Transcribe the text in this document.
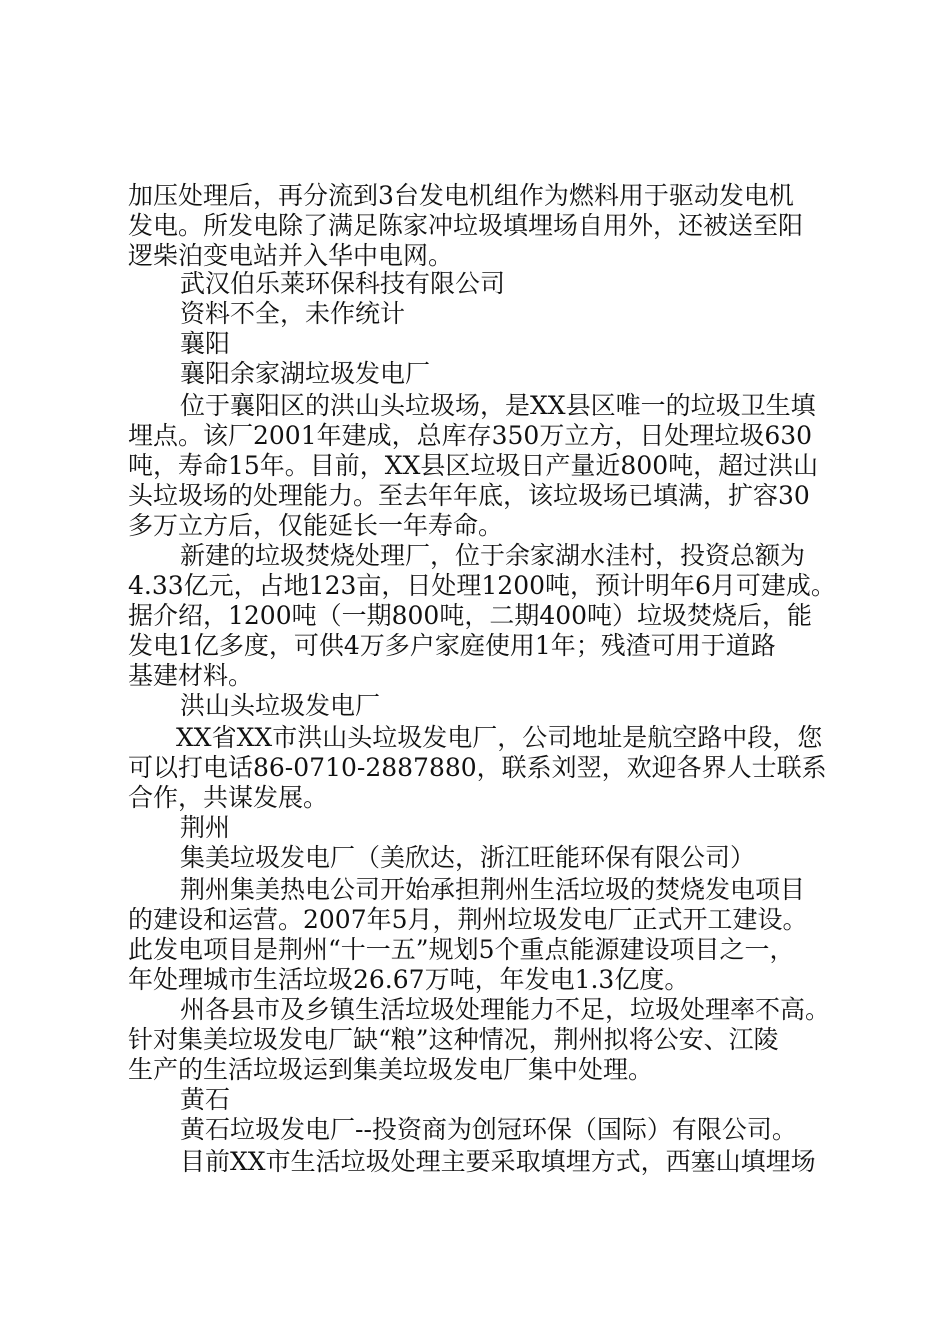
加压处理后，再分流到3台发电机组作为燃料用于驱动发电机
发电。所发电除了满足陈家冲垃圾填埋场自用外，还被送至阳
逻柴泊变电站并入华中电网。
武汉伯乐莱环保科技有限公司
资料不全，未作统计
襄阳
襄阳余家湖垃圾发电厂
位于襄阳区的洪山头垃圾场，是XX县区唯一的垃圾卫生填
埋点。该厂2001年建成，总库存350万立方，日处理垃圾630
吨，寿命15年。目前，XX县区垃圾日产量近800吨，超过洪山
头垃圾场的处理能力。至去年年底，该垃圾场已填满，扩容30
多万立方后，仅能延长一年寿命。
新建的垃圾焚烧处理厂，位于余家湖水洼村，投资总额为
4.33亿元，占地123亩，日处理1200吨，预计明年6月可建成。
据介绍，1200吨（一期800吨，二期400吨）垃圾焚烧后，能
发电1亿多度，可供4万多户家庭使用1年；残渣可用于道路
基建材料。
洪山头垃圾发电厂
XX省XX市洪山头垃圾发电厂，公司地址是航空路中段，您
可以打电话86-0710-2887880，联系刘翌，欢迎各界人士联系
合作，共谋发展。
荆州
集美垃圾发电厂（美欣达，浙江旺能环保有限公司）
荆州集美热电公司开始承担荆州生活垃圾的焚烧发电项目
的建设和运营。2007年5月，荆州垃圾发电厂正式开工建设。
此发电项目是荆州“十一五”规划5个重点能源建设项目之一，
年处理城市生活垃圾26.67万吨，年发电1.3亿度。
州各县市及乡镇生活垃圾处理能力不足，垃圾处理率不高。
针对集美垃圾发电厂缺“粮”这种情况，荆州拟将公安、江陵
生产的生活垃圾运到集美垃圾发电厂集中处理。
黄石
黄石垃圾发电厂--投资商为创冠环保（国际）有限公司。
目前XX市生活垃圾处理主要采取填埋方式，西塞山填埋场
